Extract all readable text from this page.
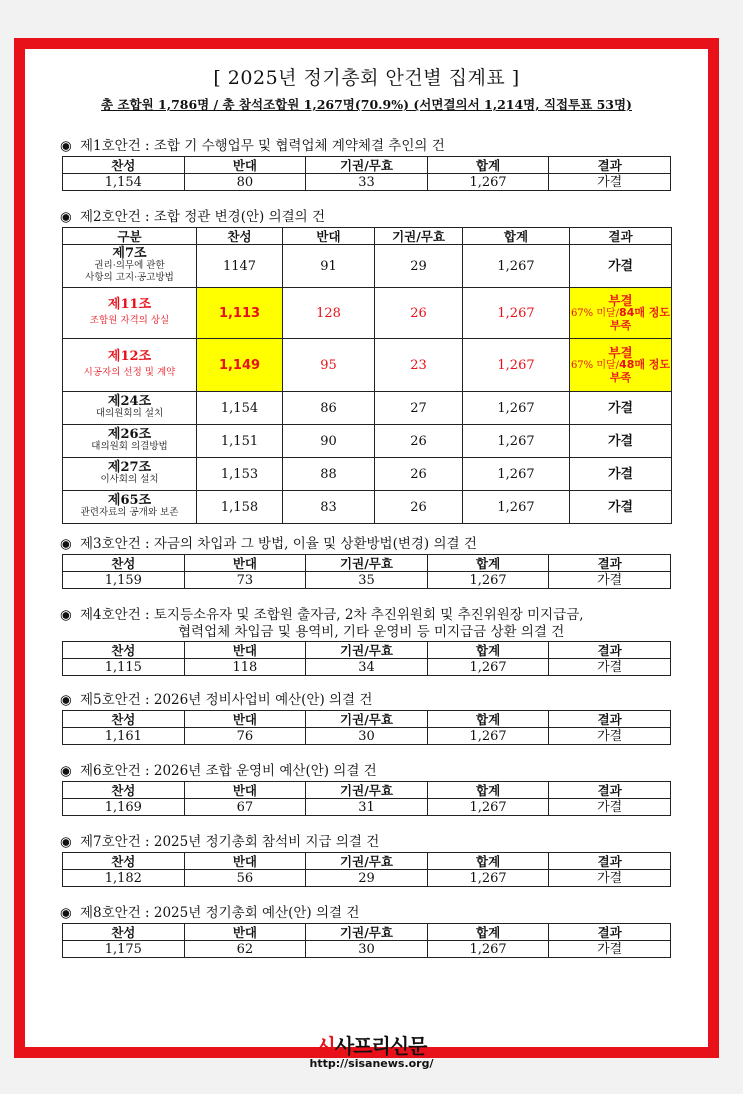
[ 2025년 정기총회 안건별 집계표 ]
총 조합원 1,786명 / 총 참석조합원 1,267명(70.9%) (서면결의서 1,214명, 직접투표 53명)
◉ 제1호안건 : 조합 기 수행업무 및 협력업체 계약체결 추인의 건
찬성	반대	기권/무효	합계	결과
1,154	80	33	1,267	가결
◉ 제2호안건 : 조합 정관 변경(안) 의결의 건
구분	찬성	반대	기권/무효	합계	결과

제7조
권리·의무에 관한
사항의 고지·공고방법	1147	91	29	1,267	가결

제11조
조합원 자격의 상실	1,113	128	26	1,267	부결
67% 미달/84매 정도
부족

제12조
시공자의 선정 및 계약	1,149	95	23	1,267	부결
67% 미달/48매 정도
부족

제24조
대의원회의 설치	1,154	86	27	1,267	가결

제26조
대의원회 의결방법	1,151	90	26	1,267	가결

제27조
이사회의 설치	1,153	88	26	1,267	가결

제65조
관련자료의 공개와 보존	1,158	83	26	1,267	가결
◉ 제3호안건 : 자금의 차입과 그 방법, 이율 및 상환방법(변경) 의결 건
찬성	반대	기권/무효	합계	결과
1,159	73	35	1,267	가결
◉ 제4호안건 : 토지등소유자 및 조합원 출자금, 2차 추진위원회 및 추진위원장 미지급금,
협력업체 차입금 및 용역비, 기타 운영비 등 미지급금 상환 의결 건
찬성	반대	기권/무효	합계	결과
1,115	118	34	1,267	가결
◉ 제5호안건 : 2026년 정비사업비 예산(안) 의결 건
찬성	반대	기권/무효	합계	결과
1,161	76	30	1,267	가결
◉ 제6호안건 : 2026년 조합 운영비 예산(안) 의결 건
찬성	반대	기권/무효	합계	결과
1,169	67	31	1,267	가결
◉ 제7호안건 : 2025년 정기총회 참석비 지급 의결 건
찬성	반대	기권/무효	합계	결과
1,182	56	29	1,267	가결
◉ 제8호안건 : 2025년 정기총회 예산(안) 의결 건
찬성	반대	기권/무효	합계	결과
1,175	62	30	1,267	가결
시사프리신문
http://sisanews.org/
